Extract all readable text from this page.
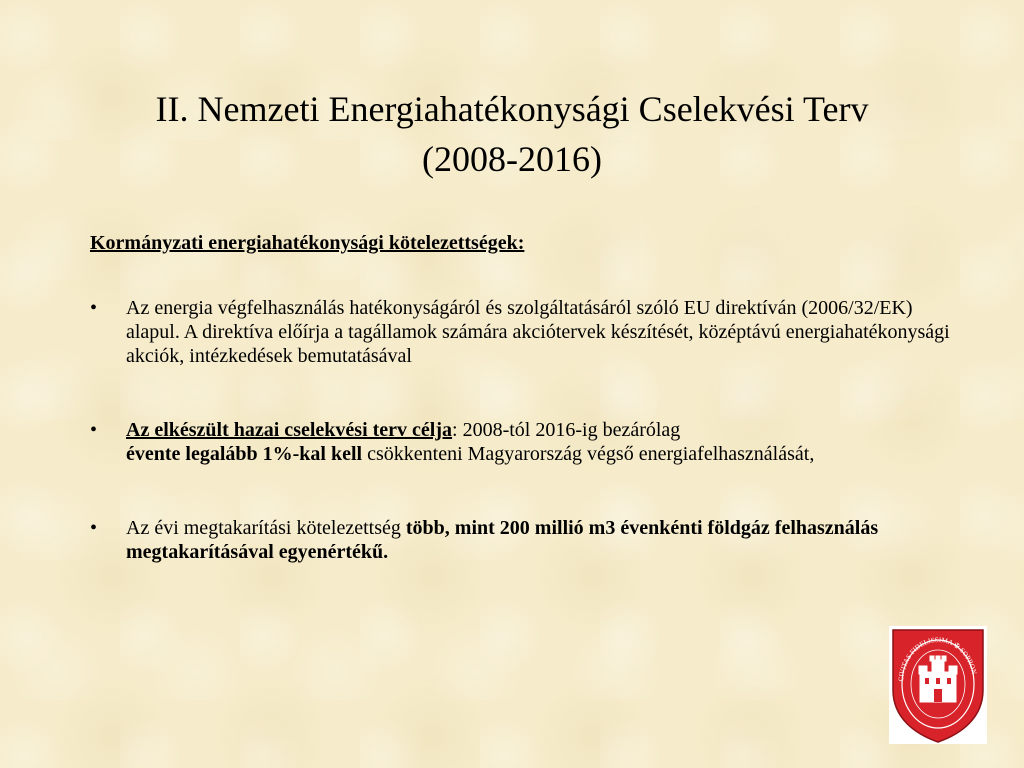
II. Nemzeti Energiahatékonysági Cselekvési Terv
(2008-2016)
Kormányzati energiahatékonysági kötelezettségek:
•	Az energia végfelhasználás hatékonyságáról és szolgáltatásáról szóló EU direktíván (2006/32/EK) alapul. A direktíva előírja a tagállamok számára akciótervek készítését, középtávú energiahatékonysági akciók, intézkedések bemutatásával
•	Az elkészült hazai cselekvési terv célja: 2008-tól 2016-ig bezárólag
évente legalább 1%-kal kell csökkenteni Magyarország végső energiafelhasználását,
•	Az évi megtakarítási kötelezettség több, mint 200 millió m3 évenkénti földgáz felhasználás megtakarításával egyenértékű.
CIVITAS FIDELISSIMA ✠ SOPRON
